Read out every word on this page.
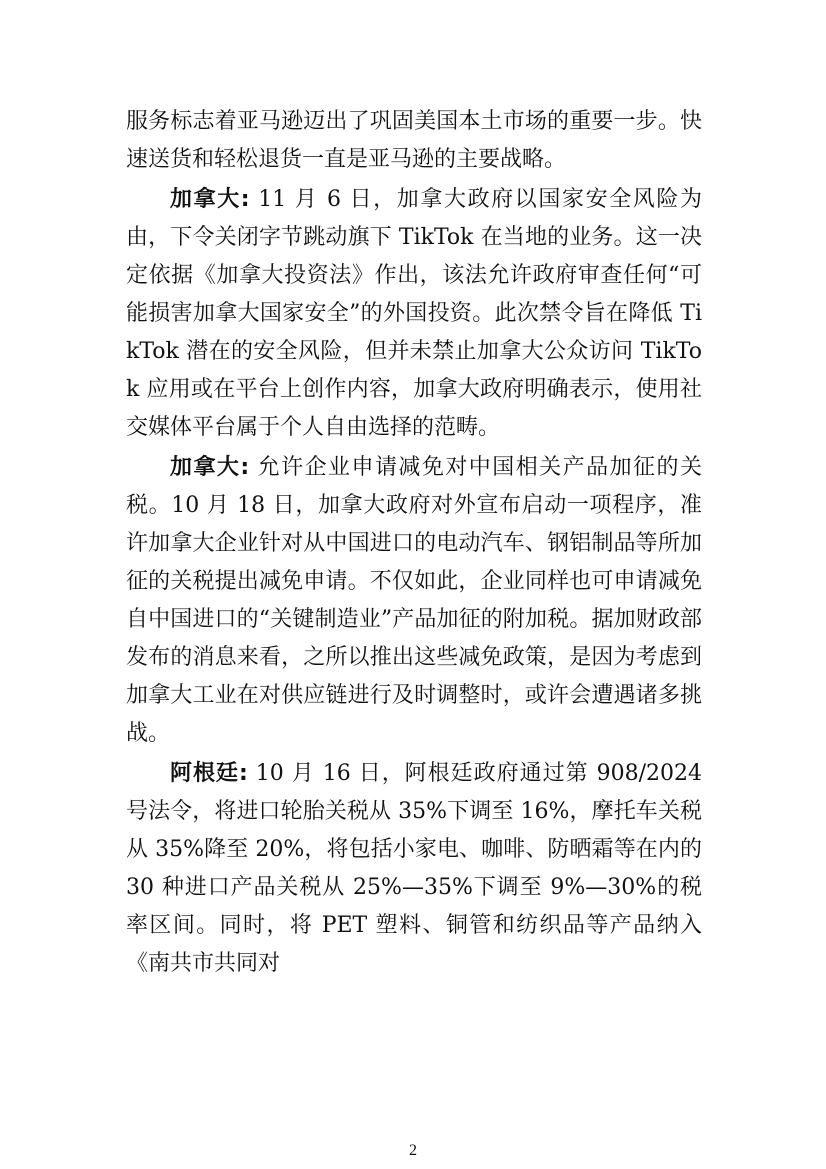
服务标志着亚马逊迈出了巩固美国本土市场的重要一步。快速送货和轻松退货一直是亚马逊的主要战略。

加拿大: 11 月 6 日，加拿大政府以国家安全风险为由，下令关闭字节跳动旗下 TikTok 在当地的业务。这一决定依据《加拿大投资法》作出，该法允许政府审查任何“可能损害加拿大国家安全”的外国投资。此次禁令旨在降低 TikTok 潜在的安全风险，但并未禁止加拿大公众访问 TikTok 应用或在平台上创作内容，加拿大政府明确表示，使用社交媒体平台属于个人自由选择的范畴。

加拿大: 允许企业申请减免对中国相关产品加征的关税。10 月 18 日，加拿大政府对外宣布启动一项程序，准许加拿大企业针对从中国进口的电动汽车、钢铝制品等所加征的关税提出减免申请。不仅如此，企业同样也可申请减免自中国进口的“关键制造业”产品加征的附加税。据加财政部发布的消息来看，之所以推出这些减免政策，是因为考虑到加拿大工业在对供应链进行及时调整时，或许会遭遇诸多挑战。

阿根廷: 10 月 16 日，阿根廷政府通过第 908/2024 号法令，将进口轮胎关税从 35%下调至 16%，摩托车关税从 35%降至 20%，将包括小家电、咖啡、防晒霜等在内的 30 种进口产品关税从 25%—35%下调至 9%—30%的税率区间。同时，将 PET 塑料、铜管和纺织品等产品纳入《南共市共同对

2
